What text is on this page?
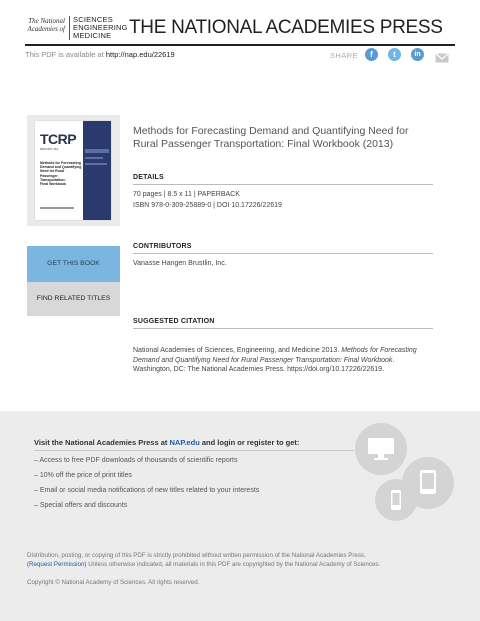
The National
Academies of
SCIENCES
ENGINEERING
MEDICINE THE NATIONAL ACADEMIES PRESS
This PDF is available at http://nap.edu/22619	SHARE	f	t	in
TCRP
REPORT 161
Methods for Forecasting
Demand and Quantifying
Need for Rural Passenger
Transportation:
Final Workbook
Methods for Forecasting Demand and Quantifying Need for Rural Passenger Transportation: Final Workbook (2013)
DETAILS
70 pages | 8.5 x 11 | PAPERBACK
ISBN 978-0-309-25889-0 | DOI 10.17226/22619
CONTRIBUTORS
Vanasse Hangen Brustlin, Inc.
GET THIS BOOK
FIND RELATED TITLES
SUGGESTED CITATION
National Academies of Sciences, Engineering, and Medicine 2013. Methods for Forecasting Demand and Quantifying Need for Rural Passenger Transportation: Final Workbook. Washington, DC: The National Academies Press. https://doi.org/10.17226/22619.
Visit the National Academies Press at NAP.edu and login or register to get:
– Access to free PDF downloads of thousands of scientific reports
– 10% off the price of print titles
– Email or social media notifications of new titles related to your interests
– Special offers and discounts
Distribution, posting, or copying of this PDF is strictly prohibited without written permission of the National Academies Press.
(Request Permission) Unless otherwise indicated, all materials in this PDF are copyrighted by the National Academy of Sciences.
Copyright © National Academy of Sciences. All rights reserved.
